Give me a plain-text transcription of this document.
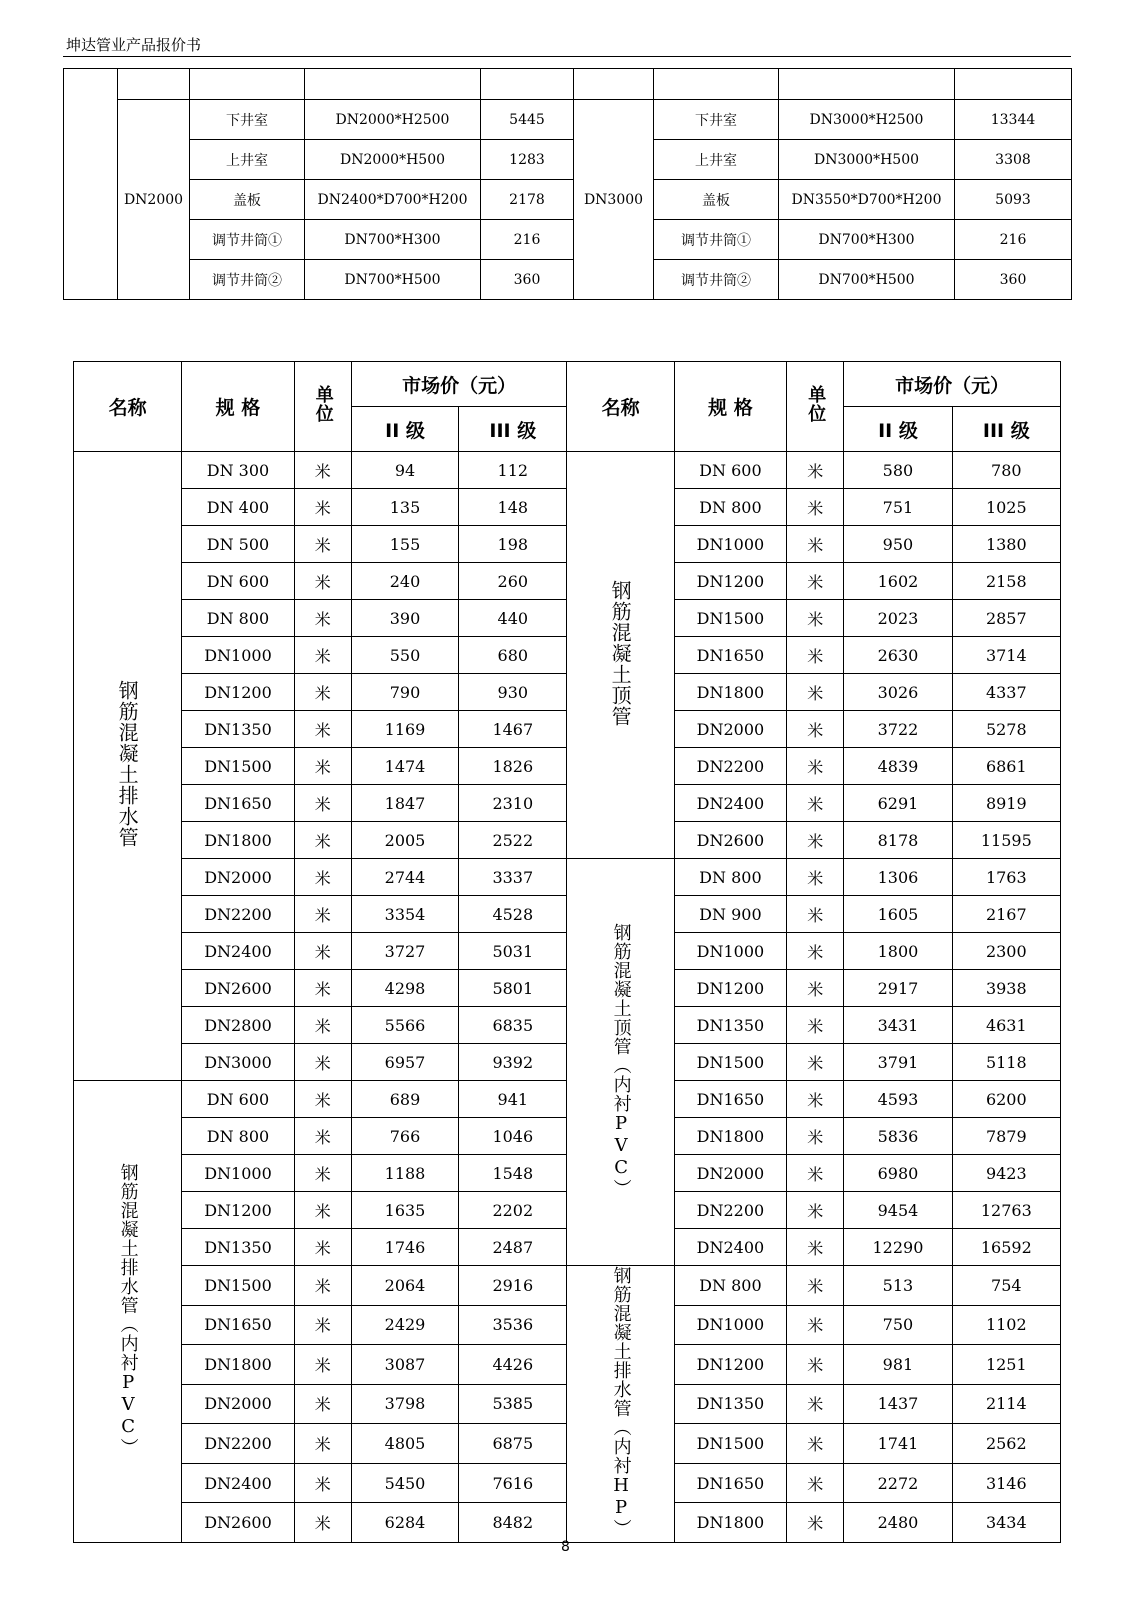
坤达管业产品报价书

	DN2000	下井室	DN2000*H2500	5445	DN3000	下井室	DN3000*H2500	13344
		上井室	DN2000*H500	1283		上井室	DN3000*H500	3308
		盖板	DN2400*D700*H200	2178		盖板	DN3550*D700*H200	5093
		调节井筒①	DN700*H300	216		调节井筒①	DN700*H300	216
		调节井筒②	DN700*H500	360		调节井筒②	DN700*H500	360
名称	规 格	单位	市场价（元）		名称	规 格	单位	市场价（元）	
			II 级	III 级				II 级	III 级
钢筋混凝土排水管	DN 300	米	94	112	钢筋混凝土顶管	DN 600	米	580	780
	DN 400	米	135	148		DN 800	米	751	1025
	DN 500	米	155	198		DN1000	米	950	1380
	DN 600	米	240	260		DN1200	米	1602	2158
	DN 800	米	390	440		DN1500	米	2023	2857
	DN1000	米	550	680		DN1650	米	2630	3714
	DN1200	米	790	930		DN1800	米	3026	4337
	DN1350	米	1169	1467		DN2000	米	3722	5278
	DN1500	米	1474	1826		DN2200	米	4839	6861
	DN1650	米	1847	2310		DN2400	米	6291	8919
	DN1800	米	2005	2522		DN2600	米	8178	11595
	DN2000	米	2744	3337	钢筋混凝土顶管（内衬PVC）	DN 800	米	1306	1763
	DN2200	米	3354	4528		DN 900	米	1605	2167
	DN2400	米	3727	5031		DN1000	米	1800	2300
	DN2600	米	4298	5801		DN1200	米	2917	3938
	DN2800	米	5566	6835		DN1350	米	3431	4631
	DN3000	米	6957	9392		DN1500	米	3791	5118
钢筋混凝土排水管（内衬PVC）	DN 600	米	689	941		DN1650	米	4593	6200
	DN 800	米	766	1046		DN1800	米	5836	7879
	DN1000	米	1188	1548		DN2000	米	6980	9423
	DN1200	米	1635	2202		DN2200	米	9454	12763
	DN1350	米	1746	2487		DN2400	米	12290	16592
	DN1500	米	2064	2916	钢筋混凝土排水管（内衬HP）	DN 800	米	513	754
	DN1650	米	2429	3536		DN1000	米	750	1102
	DN1800	米	3087	4426		DN1200	米	981	1251
	DN2000	米	3798	5385		DN1350	米	1437	2114
	DN2200	米	4805	6875		DN1500	米	1741	2562
	DN2400	米	5450	7616		DN1650	米	2272	3146
	DN2600	米	6284	8482		DN1800	米	2480	3434
8
